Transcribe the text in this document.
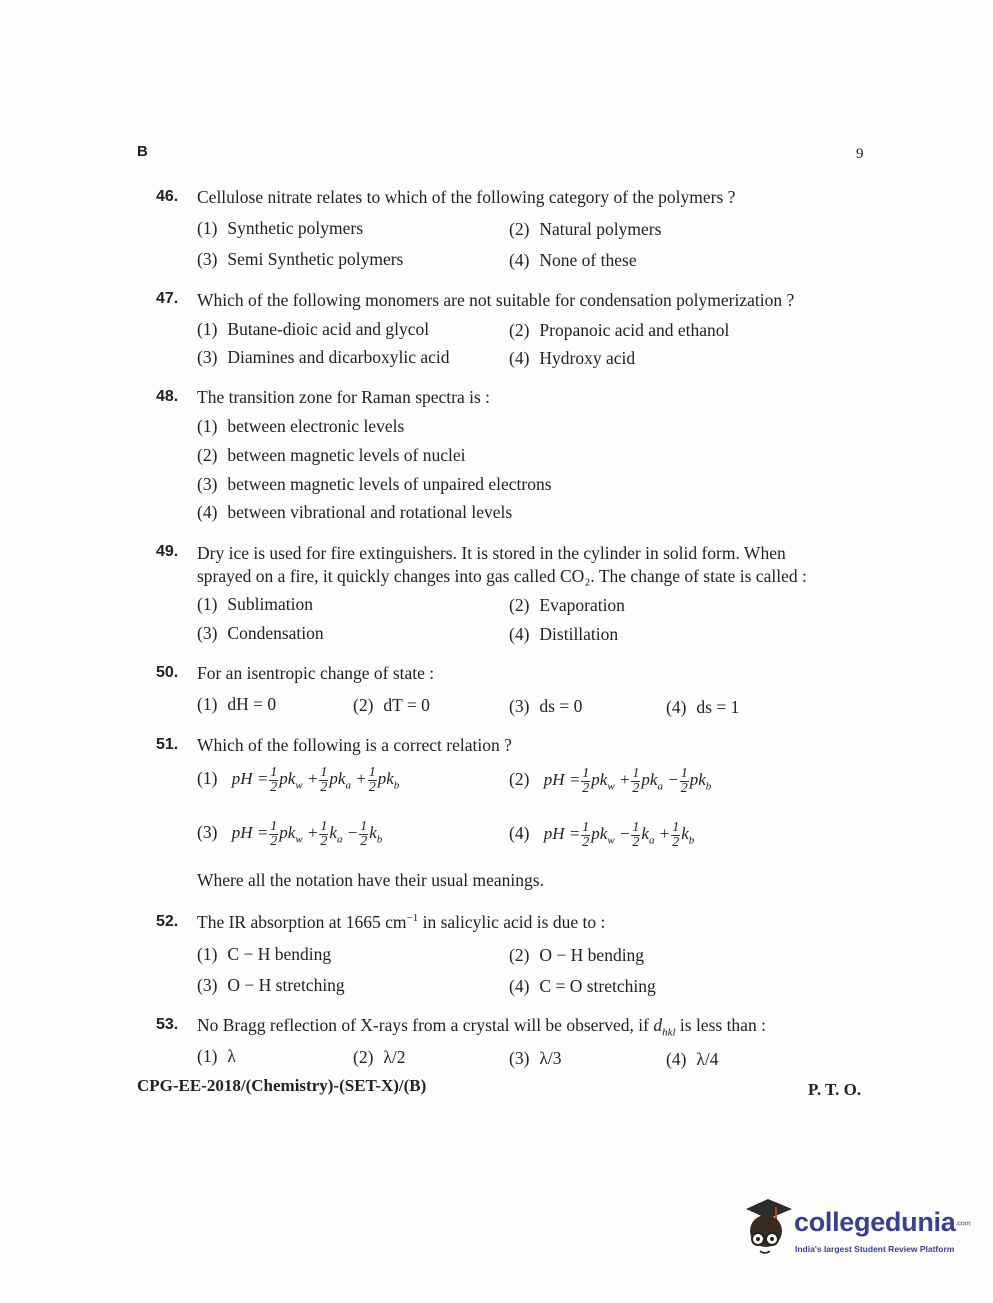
B	9
46. Cellulose nitrate relates to which of the following category of the polymers ?
(1) Synthetic polymers	(2) Natural polymers
(3) Semi Synthetic polymers	(4) None of these
47. Which of the following monomers are not suitable for condensation polymerization ?
(1) Butane-dioic acid and glycol	(2) Propanoic acid and ethanol
(3) Diamines and dicarboxylic acid	(4) Hydroxy acid
48. The transition zone for Raman spectra is :
(1) between electronic levels
(2) between magnetic levels of nuclei
(3) between magnetic levels of unpaired electrons
(4) between vibrational and rotational levels
49. Dry ice is used for fire extinguishers. It is stored in the cylinder in solid form. When
sprayed on a fire, it quickly changes into gas called CO₂. The change of state is called :
(1) Sublimation	(2) Evaporation
(3) Condensation	(4) Distillation
50. For an isentropic change of state :
(1) dH = 0	(2) dT = 0	(3) ds = 0	(4) ds = 1
51. Which of the following is a correct relation ?
(1) pH = $\frac{1}{2} pk_w + \frac{1}{2} pk_a + \frac{1}{2} pk_b$	(2) pH = $\frac{1}{2} pk_w + \frac{1}{2} pk_a - \frac{1}{2} pk_b$
(3) pH = $\frac{1}{2} pk_w + \frac{1}{2} k_a - \frac{1}{2} k_b$	(4) pH = $\frac{1}{2} pk_w - \frac{1}{2} k_a + \frac{1}{2} k_b$
Where all the notation have their usual meanings.
52. The IR absorption at 1665 $cm^{-1}$ in salicylic acid is due to :
(1) C − H bending	(2) O − H bending
(3) O − H stretching	(4) C = O stretching
53. No Bragg reflection of X-rays from a crystal will be observed, if $d_{hkl}$ is less than :
(1) λ	(2) λ/2	(3) λ/3	(4) λ/4
CPG-EE-2018/(Chemistry)-(SET-X)/(B)	P. T. O.
collegedunia.com
India's largest Student Review Platform
